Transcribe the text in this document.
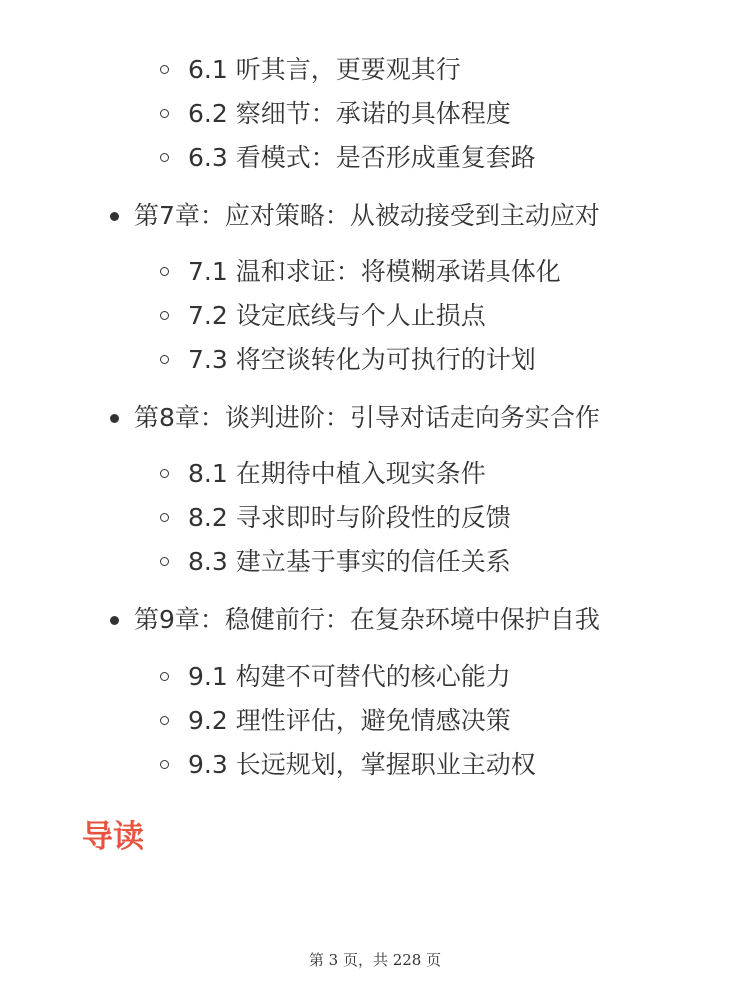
6.1 听其言，更要观其行
6.2 察细节：承诺的具体程度
6.3 看模式：是否形成重复套路
第7章：应对策略：从被动接受到主动应对
7.1 温和求证：将模糊承诺具体化
7.2 设定底线与个人止损点
7.3 将空谈转化为可执行的计划
第8章：谈判进阶：引导对话走向务实合作
8.1 在期待中植入现实条件
8.2 寻求即时与阶段性的反馈
8.3 建立基于事实的信任关系
第9章：稳健前行：在复杂环境中保护自我
9.1 构建不可替代的核心能力
9.2 理性评估，避免情感决策
9.3 长远规划，掌握职业主动权
导读
第 3 页，共 228 页
